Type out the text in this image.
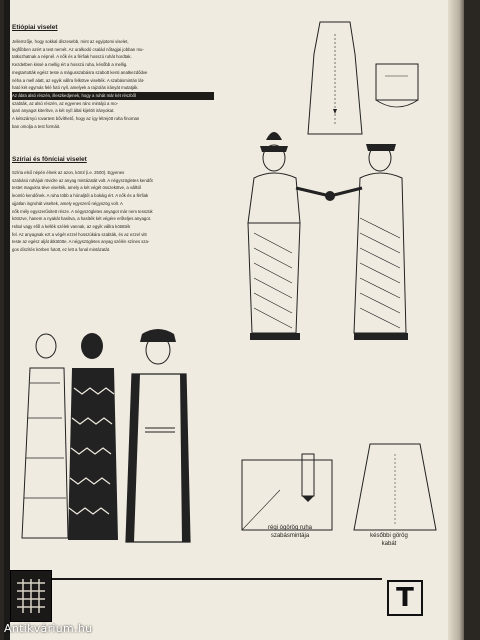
Etiópiai viselet
Jellemzője, hogy sokkal díszesebb, mint az egyiptomi viselet,
legfőbben azért a test nemét. Az uralkodó család nőtagjai jobban mu-
tatkozhatnak a népnél. A nők és a férfiak hosszú ruhát hordtak.
Kezdetben kissé a mellig ért a hosszú ruha, később a mellig.
megtartották egész teste a mágusszabásra szabott kenti anatkezdődve
néha a mell alatt, az egyik vállra felkötve viselték. A szabásmintán lát-
ható két egymás felé futó nyíl, amelyek a rajzolás irányát mutatják.
Az ábra alsó részén, illeszkedjenek, hogy a ruhát már két részből
szabták, az alsó részén, az egyenes ránc mintájú a mo-
ipari anyagot kiterítve, a két nyíl által kijelölt irányokat.
A kétszárnyú rovartest bővíthető, hogy az így létrejött ruha finoman
ban omolja a test formáit.
Szíriai és föníciai viselet
Szíria első népén élnek az azon, körül (i.e. 2500). Egyenes
szabású ruhájuk rövidre az anyag mintázatát volt. A négyszögletes kendőt
testet magukra téve viselték, amely a két végét összekötve, a válltól
leomló kendőnek. A ruha több a hónaljtól a bokáig ért. A nők és a férfiak
ujjatlan ingruhát viseltek, amely egyszerű négyszög volt. A
nők mély egyszerűsített része. A négyszögletes anyagot már nem tesszük
kötözve, hanem a nyakát hasítva, a hasíték két végére erőteljes anyagot.
Hátul vagy elől a kellék szélek vannak, az egyik vállra kötötték
fel. Az anyagnak ezt a végét ezzel hosszúkára szabták, és az ezzel vitt
teste az egész alját átkötötte. A négyszögletes anyag szélén színes sza-
gos díszítés körben futott, ez lett a fonal mintázatát.
régi ógörög ruha
szabásmintája	későbbi görög
kabát
T
Antikvárium.hu
